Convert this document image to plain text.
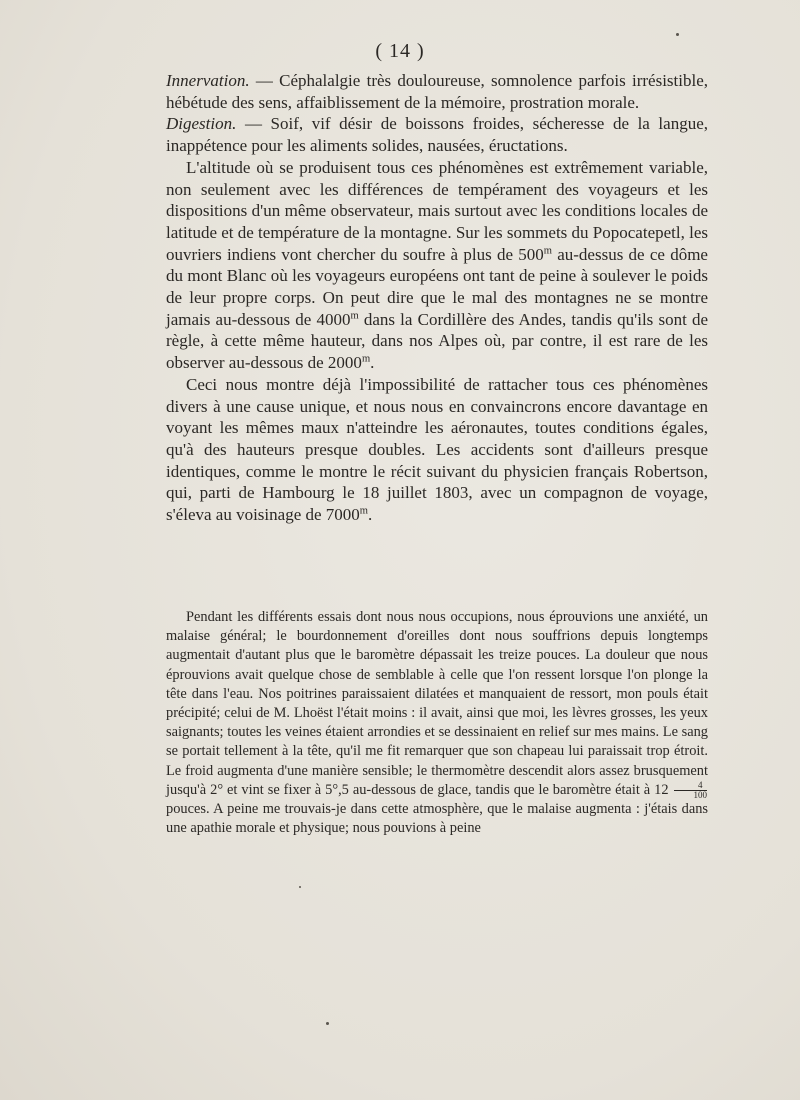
( 14 )

Innervation. — Céphalalgie très douloureuse, somnolence parfois irrésistible, hébétude des sens, affaiblissement de la mémoire, prostration morale.

Digestion. — Soif, vif désir de boissons froides, sécheresse de la langue, inappétence pour les aliments solides, nausées, éructations.

L'altitude où se produisent tous ces phénomènes est extrêmement variable, non seulement avec les différences de tempérament des voyageurs et les dispositions d'un même observateur, mais surtout avec les conditions locales de latitude et de température de la montagne. Sur les sommets du Popocatepetl, les ouvriers indiens vont chercher du soufre à plus de 500$^m$ au-dessus de ce dôme du mont Blanc où les voyageurs européens ont tant de peine à soulever le poids de leur propre corps. On peut dire que le mal des montagnes ne se montre jamais au-dessous de 4000$^m$ dans la Cordillère des Andes, tandis qu'ils sont de règle, à cette même hauteur, dans nos Alpes où, par contre, il est rare de les observer au-dessous de 2000$^m$.

Ceci nous montre déjà l'impossibilité de rattacher tous ces phénomènes divers à une cause unique, et nous nous en convaincrons encore davantage en voyant les mêmes maux n'atteindre les aéronautes, toutes conditions égales, qu'à des hauteurs presque doubles. Les accidents sont d'ailleurs presque identiques, comme le montre le récit suivant du physicien français Robertson, qui, parti de Hambourg le 18 juillet 1803, avec un compagnon de voyage, s'éleva au voisinage de 7000$^m$.

Pendant les différents essais dont nous nous occupions, nous éprouvions une anxiété, un malaise général; le bourdonnement d'oreilles dont nous souffrions depuis longtemps augmentait d'autant plus que le baromètre dépassait les treize pouces. La douleur que nous éprouvions avait quelque chose de semblable à celle que l'on ressent lorsque l'on plonge la tête dans l'eau. Nos poitrines paraissaient dilatées et manquaient de ressort, mon pouls était précipité; celui de M. Lhoëst l'était moins : il avait, ainsi que moi, les lèvres grosses, les yeux saignants; toutes les veines étaient arrondies et se dessinaient en relief sur mes mains. Le sang se portait tellement à la tête, qu'il me fit remarquer que son chapeau lui paraissait trop étroit. Le froid augmenta d'une manière sensible; le thermomètre descendit alors assez brusquement jusqu'à 2° et vint se fixer à 5°,5 au-dessous de glace, tandis que le baromètre était à $12 \frac{4}{100}$
pouces. A peine me trouvais-je dans cette atmosphère, que le malaise augmenta : j'étais dans une apathie morale et physique; nous pouvions à peine
